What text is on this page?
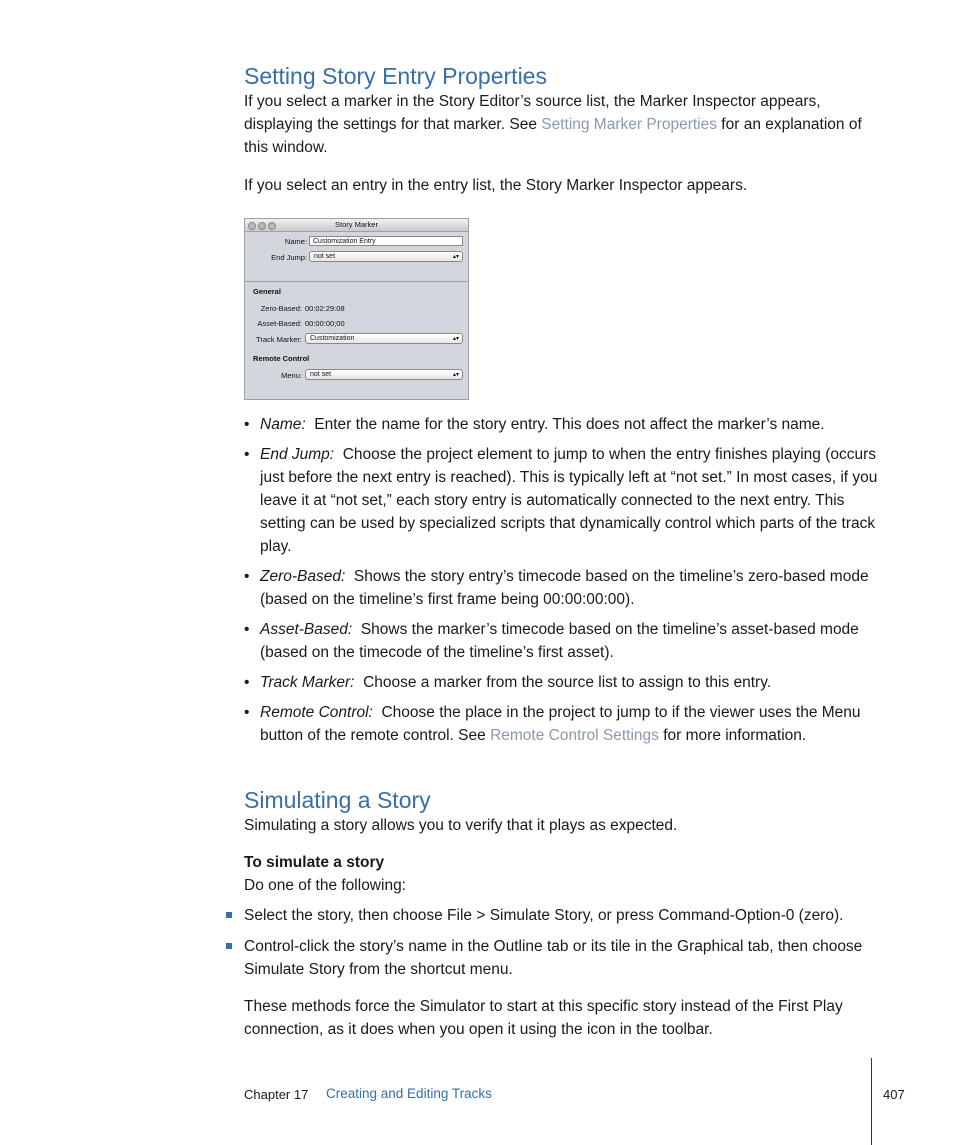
Setting Story Entry Properties
If you select a marker in the Story Editor’s source list, the Marker Inspector appears, displaying the settings for that marker. See Setting Marker Properties for an explanation of this window.
If you select an entry in the entry list, the Story Marker Inspector appears.
Story Marker
Name: Customization Entry
End Jump:	not set	▴▾
General
Zero-Based: 00:02:29:08
Asset-Based: 00:00:00;00
Track Marker:	Customization	▴▾
Remote Control
Menu:	not set	▴▾
• Name: Enter the name for the story entry. This does not affect the marker’s name.
• End Jump: Choose the project element to jump to when the entry finishes playing (occurs just before the next entry is reached). This is typically left at “not set.” In most cases, if you leave it at “not set,” each story entry is automatically connected to the next entry. This setting can be used by specialized scripts that dynamically control which parts of the track play.
• Zero-Based: Shows the story entry’s timecode based on the timeline’s zero-based mode (based on the timeline’s first frame being 00:00:00:00).
• Asset-Based: Shows the marker’s timecode based on the timeline’s asset-based mode (based on the timecode of the timeline’s first asset).
• Track Marker: Choose a marker from the source list to assign to this entry.
• Remote Control: Choose the place in the project to jump to if the viewer uses the Menu button of the remote control. See Remote Control Settings for more information.
Simulating a Story
Simulating a story allows you to verify that it plays as expected.
To simulate a story
Do one of the following:
Select the story, then choose File > Simulate Story, or press Command-Option-0 (zero).
Control-click the story’s name in the Outline tab or its tile in the Graphical tab, then choose Simulate Story from the shortcut menu.
These methods force the Simulator to start at this specific story instead of the First Play connection, as it does when you open it using the icon in the toolbar.
Chapter 17 Creating and Editing Tracks	407
